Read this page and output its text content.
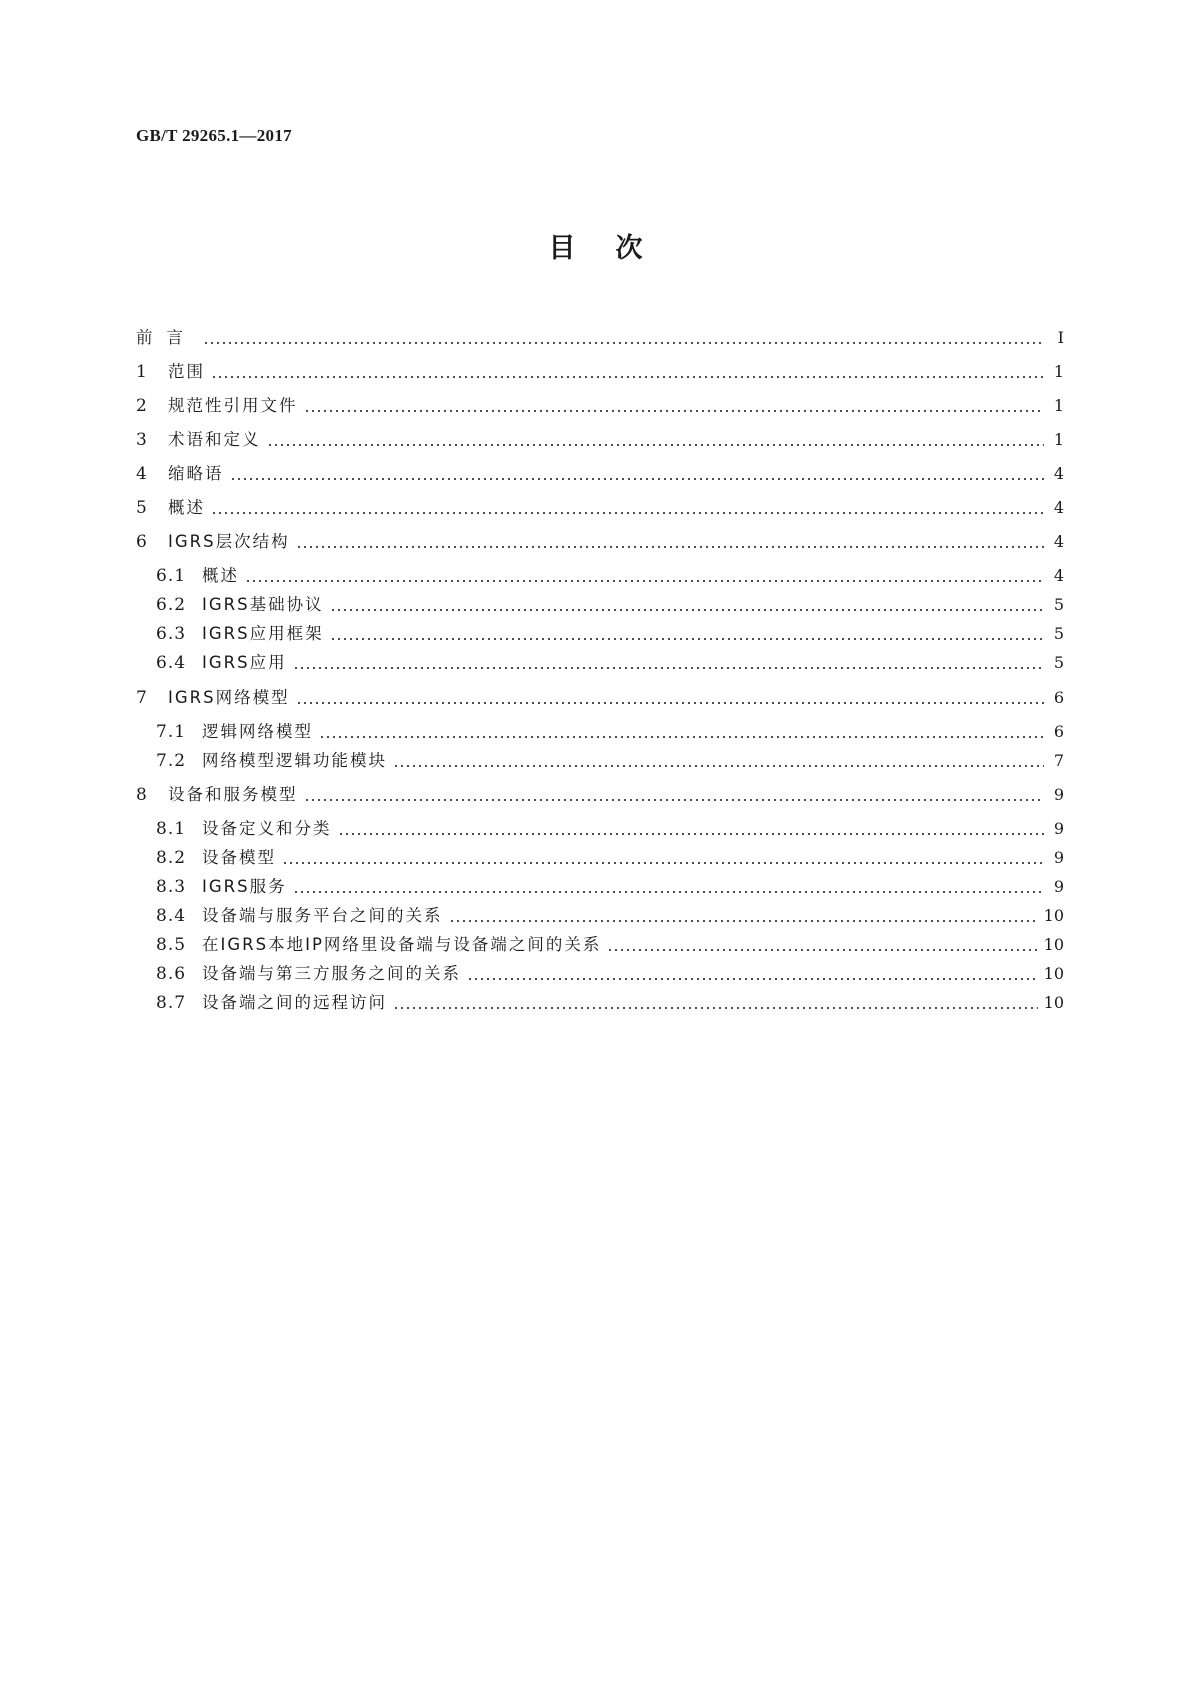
GB/T 29265.1—2017
目次
前言	Ⅰ
1	范围	1
2	规范性引用文件	1
3	术语和定义	1
4	缩略语	4
5	概述	4
6	IGRS层次结构	4
6.1 概述	4
6.2 IGRS基础协议	5
6.3 IGRS应用框架	5
6.4 IGRS应用	5
7	IGRS网络模型	6
7.1 逻辑网络模型	6
7.2 网络模型逻辑功能模块	7
8	设备和服务模型	9
8.1 设备定义和分类	9
8.2 设备模型	9
8.3 IGRS服务	9
8.4 设备端与服务平台之间的关系	10
8.5 在IGRS本地IP网络里设备端与设备端之间的关系	10
8.6 设备端与第三方服务之间的关系	10
8.7 设备端之间的远程访问	10
